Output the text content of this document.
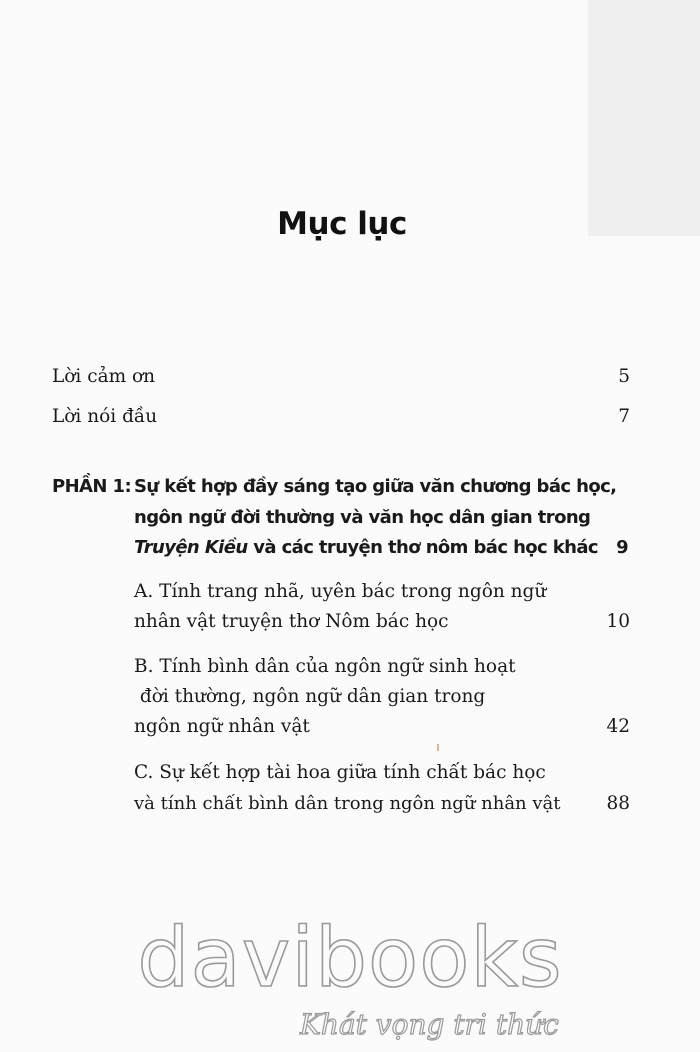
Mục lục
Lời cảm ơn	5
Lời nói đầu	7
PHẦN 1: Sự kết hợp đầy sáng tạo giữa văn chương bác học,
ngôn ngữ đời thường và văn học dân gian trong
Truyện Kiều và các truyện thơ nôm bác học khác 9
A. Tính trang nhã, uyên bác trong ngôn ngữ
nhân vật truyện thơ Nôm bác học	10
B. Tính bình dân của ngôn ngữ sinh hoạt
đời thường, ngôn ngữ dân gian trong
ngôn ngữ nhân vật	42
C. Sự kết hợp tài hoa giữa tính chất bác học
và tính chất bình dân trong ngôn ngữ nhân vật 88
davibooks
Khát vọng tri thức
